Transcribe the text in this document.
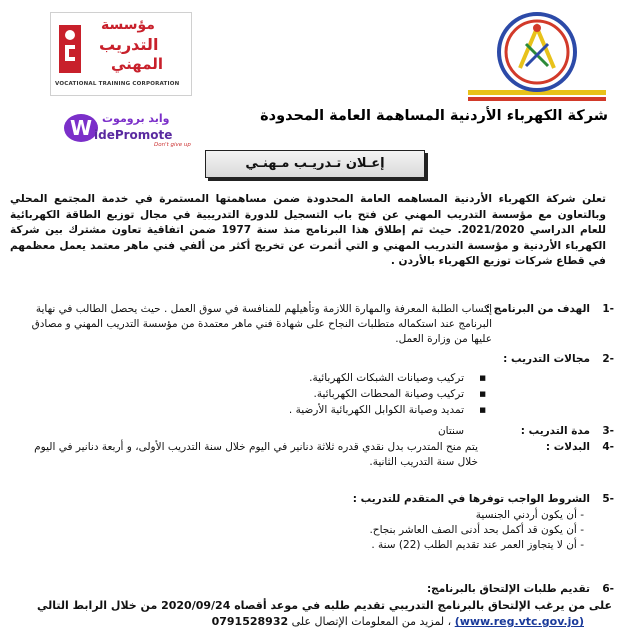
مؤسسة
التدريب
المهني
VOCATIONAL TRAINING CORPORATION
W وايد بروموت
idePromote
Don't give up
شركة الكهرباء الأردنية المساهمة العامة المحدودة
إعـلان تـدريـب مـهنـي
تعلن شركة الكهرباء الأردنية المساهمه العامة المحدودة ضمن مساهمتها المستمرة في خدمة المجتمع المحلي وبالتعاون مع مؤسسة التدريب المهني عن فتح باب التسجيل للدورة التدريبية في مجال توزيع الطاقة الكهربائية للعام الدراسي 2021/2020. حيث تم إطلاق هذا البرنامج منذ سنة 1977 ضمن اتفاقية تعاون مشترك بين شركة الكهرباء الأردنية و مؤسسة التدريب المهني و التي أثمرت عن تخريج أكثر من ألفي فني ماهر معتمد يعمل معظمهم في قطاع شركات توزيع الكهرباء بالأردن .
-1الهدف من البرنامج :
إكساب الطلبة المعرفة والمهارة اللازمة وتأهيلهم للمنافسة في سوق العمل . حيث يحصل الطالب في نهاية البرنامج عند استكماله متطلبات النجاح على شهادة فني ماهر معتمدة من مؤسسة التدريب المهني و مصادق عليها من وزارة العمل.
-2مجالات التدريب :
■ تركيب وصيانات الشبكات الكهربائية.
■ تركيب وصيانة المحطات الكهربائية.
■ تمديد وصيانة الكوابل الكهربائية الأرضية .
-3مدة التدريب :
سنتان
-4البدلات :
يتم منح المتدرب بدل نقدي قدره ثلاثة دنانير في اليوم خلال سنة التدريب الأولى، و أربعة دنانير في اليوم خلال سنة التدريب الثانية.
-5الشروط الواجب توفرها في المتقدم للتدريب :
- أن يكون أردني الجنسية
- أن يكون قد أكمل بحد أدنى الصف العاشر بنجاح.
- أن لا يتجاوز العمر عند تقديم الطلب (22) سنة .
-6تقديم طلبات الإلتحاق بالبرنامج:
على من يرغب الإلتحاق بالبرنامج التدريبي تقديم طلبه في موعد أقصاه 2020/09/24 من خلال الرابط التالي
(www.reg.vtc.gov.jo) ، لمزيد من المعلومات الإتصال على 0791528932
